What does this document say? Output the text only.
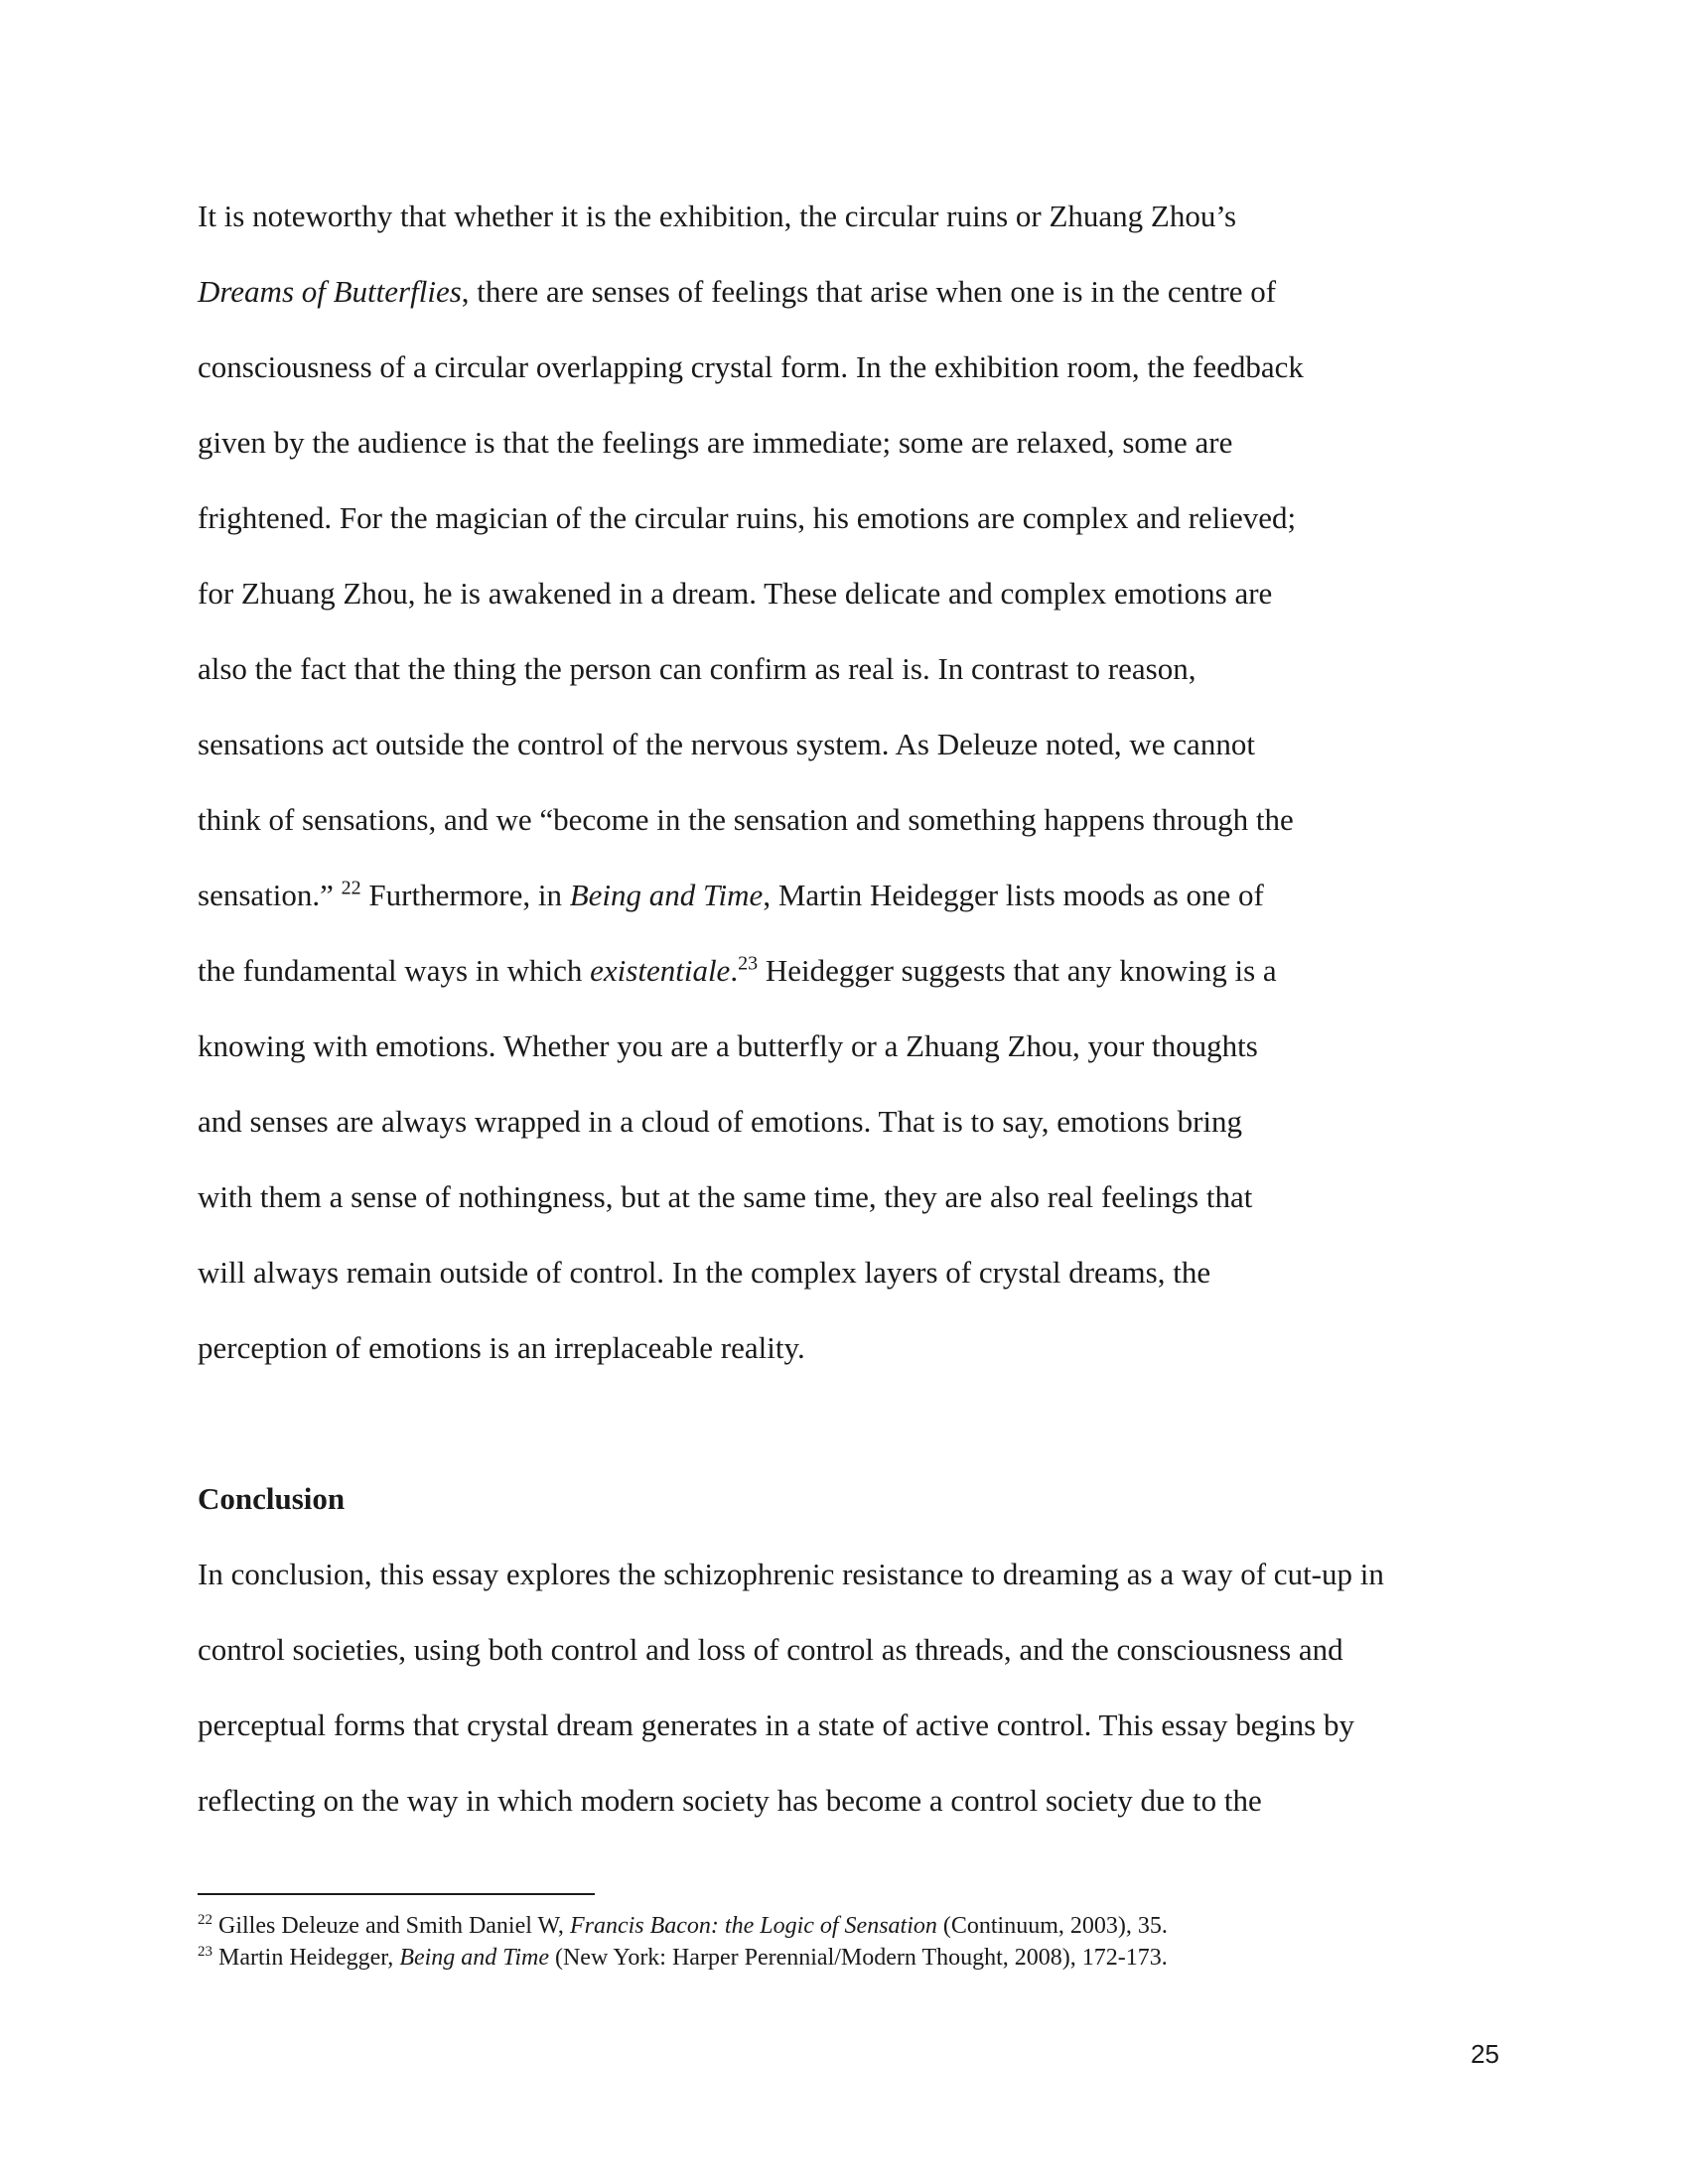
It is noteworthy that whether it is the exhibition, the circular ruins or Zhuang Zhou’s
Dreams of Butterflies, there are senses of feelings that arise when one is in the centre of
consciousness of a circular overlapping crystal form. In the exhibition room, the feedback
given by the audience is that the feelings are immediate; some are relaxed, some are
frightened. For the magician of the circular ruins, his emotions are complex and relieved;
for Zhuang Zhou, he is awakened in a dream. These delicate and complex emotions are
also the fact that the thing the person can confirm as real is. In contrast to reason,
sensations act outside the control of the nervous system. As Deleuze noted, we cannot
think of sensations, and we “become in the sensation and something happens through the
sensation.” $^{22}$ Furthermore, in Being and Time, Martin Heidegger lists moods as one of
the fundamental ways in which existentiale.$^{23}$ Heidegger suggests that any knowing is a
knowing with emotions. Whether you are a butterfly or a Zhuang Zhou, your thoughts
and senses are always wrapped in a cloud of emotions. That is to say, emotions bring
with them a sense of nothingness, but at the same time, they are also real feelings that
will always remain outside of control. In the complex layers of crystal dreams, the
perception of emotions is an irreplaceable reality.
Conclusion
In conclusion, this essay explores the schizophrenic resistance to dreaming as a way of cut-up in
control societies, using both control and loss of control as threads, and the consciousness and
perceptual forms that crystal dream generates in a state of active control. This essay begins by
reflecting on the way in which modern society has become a control society due to the
$^{22}$ Gilles Deleuze and Smith Daniel W, Francis Bacon: the Logic of Sensation (Continuum, 2003), 35.
$^{23}$ Martin Heidegger, Being and Time (New York: Harper Perennial/Modern Thought, 2008), 172-173.
25
